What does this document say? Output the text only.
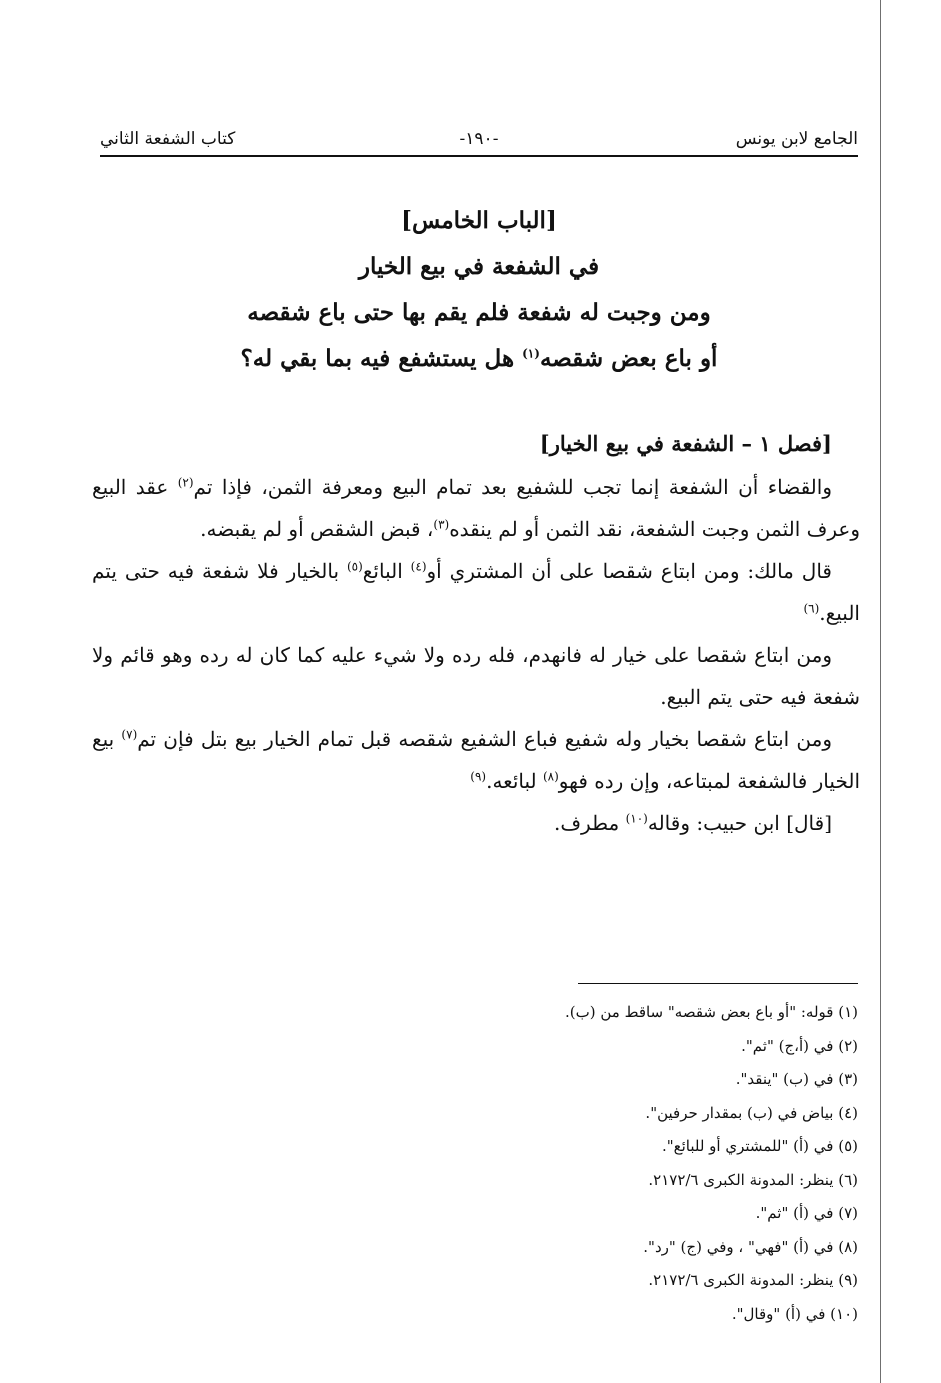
الجامع لابن يونس
-١٩٠-
كتاب الشفعة الثاني
[الباب الخامس]
في الشفعة في بيع الخيار
ومن وجبت له شفعة فلم يقم بها حتى باع شقصه
أو باع بعض شقصه$^{(١)}$ هل يستشفع فيه بما بقي له؟

[فصل ١ – الشفعة في بيع الخيار]

والقضاء أن الشفعة إنما تجب للشفيع بعد تمام البيع ومعرفة الثمن، فإذا تم$^{(٢)}$ عقد البيع وعرف الثمن وجبت الشفعة، نقد الثمن أو لم ينقده$^{(٣)}$، قبض الشقص أو لم يقبضه.

قال مالك: ومن ابتاع شقصا على أن المشتري أو$^{(٤)}$ البائع$^{(٥)}$ بالخيار فلا شفعة فيه حتى يتم البيع.$^{(٦)}$

ومن ابتاع شقصا على خيار له فانهدم، فله رده ولا شيء عليه كما كان له رده وهو قائم ولا شفعة فيه حتى يتم البيع.

ومن ابتاع شقصا بخيار وله شفيع فباع الشفيع شقصه قبل تمام الخيار بيع بتل فإن تم$^{(٧)}$ بيع الخيار فالشفعة لمبتاعه، وإن رده فهو$^{(٨)}$ لبائعه.$^{(٩)}$

[قال] ابن حبيب: وقاله$^{(١٠)}$ مطرف.

(١) قوله: "أو باع بعض شقصه" ساقط من (ب).
(٢) في (أ،ج) "ثم".
(٣) في (ب) "ينقد".
(٤) بياض في (ب) بمقدار حرفين".
(٥) في (أ) "للمشتري أو للبائع".
(٦) ينظر: المدونة الكبرى ٢١٧٢/٦.
(٧) في (أ) "ثم".
(٨) في (أ) "فهي" ، وفي (ج) "رد".
(٩) ينظر: المدونة الكبرى ٢١٧٢/٦.
(١٠) في (أ) "وقال".
